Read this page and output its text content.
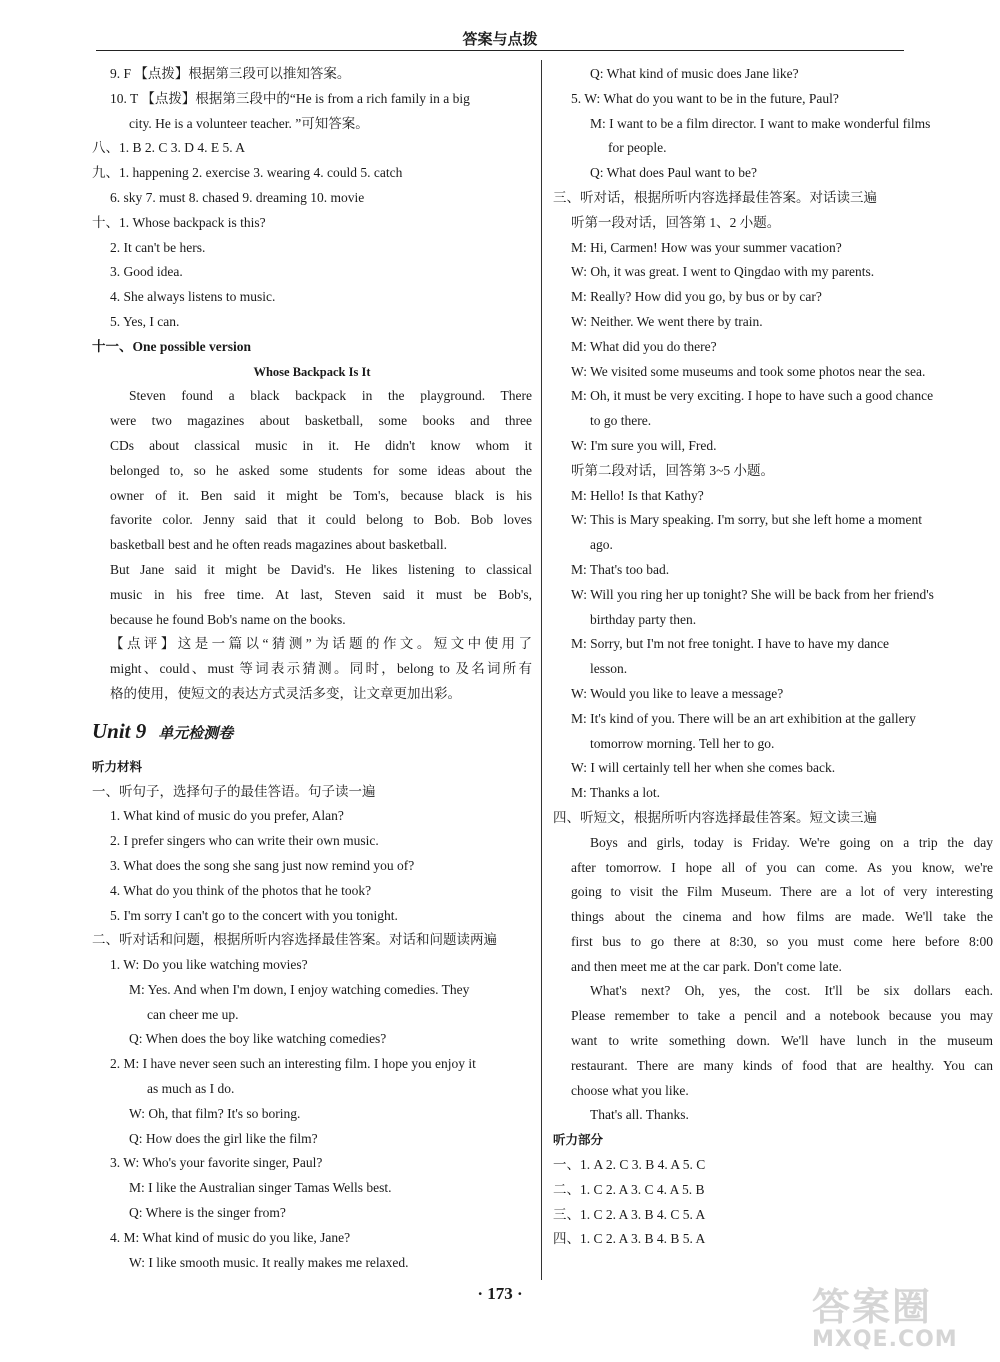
答案与点拨
9. F 【点拨】根据第三段可以推知答案。
10. T 【点拨】根据第三段中的“He is from a rich family in a big
city. He is a volunteer teacher. ”可知答案。
八、1. B 2. C 3. D 4. E 5. A
九、1. happening 2. exercise 3. wearing 4. could 5. catch
6. sky 7. must 8. chased 9. dreaming 10. movie
十、1. Whose backpack is this?
2. It can't be hers.
3. Good idea.
4. She always listens to music.
5. Yes, I can.
十一、One possible version
Whose Backpack Is It
Steven found a black backpack in the playground. There
were two magazines about basketball, some books and three
CDs about classical music in it. He didn't know whom it
belonged to, so he asked some students for some ideas about the
owner of it. Ben said it might be Tom's, because black is his
favorite color. Jenny said that it could belong to Bob. Bob loves
basketball best and he often reads magazines about basketball.
But Jane said it might be David's. He likes listening to classical
music in his free time. At last, Steven said it must be Bob's,
because he found Bob's name on the books.
【点评】这是一篇以“猜测”为话题的作文。短文中使用了
might、could、must 等词表示猜测。同时，belong to 及名词所有
格的使用，使短文的表达方式灵活多变，让文章更加出彩。
Unit 9 单元检测卷
听力材料
一、听句子，选择句子的最佳答语。句子读一遍
1. What kind of music do you prefer, Alan?
2. I prefer singers who can write their own music.
3. What does the song she sang just now remind you of?
4. What do you think of the photos that he took?
5. I'm sorry I can't go to the concert with you tonight.
二、听对话和问题，根据所听内容选择最佳答案。对话和问题读两遍
1. W: Do you like watching movies?
M: Yes. And when I'm down, I enjoy watching comedies. They
can cheer me up.
Q: When does the boy like watching comedies?
2. M: I have never seen such an interesting film. I hope you enjoy it
as much as I do.
W: Oh, that film? It's so boring.
Q: How does the girl like the film?
3. W: Who's your favorite singer, Paul?
M: I like the Australian singer Tamas Wells best.
Q: Where is the singer from?
4. M: What kind of music do you like, Jane?
W: I like smooth music. It really makes me relaxed.
Q: What kind of music does Jane like?
5. W: What do you want to be in the future, Paul?
M: I want to be a film director. I want to make wonderful films
for people.
Q: What does Paul want to be?
三、听对话，根据所听内容选择最佳答案。对话读三遍
听第一段对话，回答第 1、2 小题。
M: Hi, Carmen! How was your summer vacation?
W: Oh, it was great. I went to Qingdao with my parents.
M: Really? How did you go, by bus or by car?
W: Neither. We went there by train.
M: What did you do there?
W: We visited some museums and took some photos near the sea.
M: Oh, it must be very exciting. I hope to have such a good chance
to go there.
W: I'm sure you will, Fred.
听第二段对话，回答第 3~5 小题。
M: Hello! Is that Kathy?
W: This is Mary speaking. I'm sorry, but she left home a moment
ago.
M: That's too bad.
W: Will you ring her up tonight? She will be back from her friend's
birthday party then.
M: Sorry, but I'm not free tonight. I have to have my dance
lesson.
W: Would you like to leave a message?
M: It's kind of you. There will be an art exhibition at the gallery
tomorrow morning. Tell her to go.
W: I will certainly tell her when she comes back.
M: Thanks a lot.
四、听短文，根据所听内容选择最佳答案。短文读三遍
Boys and girls, today is Friday. We're going on a trip the day
after tomorrow. I hope all of you can come. As you know, we're
going to visit the Film Museum. There are a lot of very interesting
things about the cinema and how films are made. We'll take the
first bus to go there at 8:30, so you must come here before 8:00
and then meet me at the car park. Don't come late.
What's next? Oh, yes, the cost. It'll be six dollars each.
Please remember to take a pencil and a notebook because you may
want to write something down. We'll have lunch in the museum
restaurant. There are many kinds of food that are healthy. You can
choose what you like.
That's all. Thanks.
听力部分
一、1. A 2. C 3. B 4. A 5. C
二、1. C 2. A 3. C 4. A 5. B
三、1. C 2. A 3. B 4. C 5. A
四、1. C 2. A 3. B 4. B 5. A
· 173 ·	答案圈
MXQE.COM
